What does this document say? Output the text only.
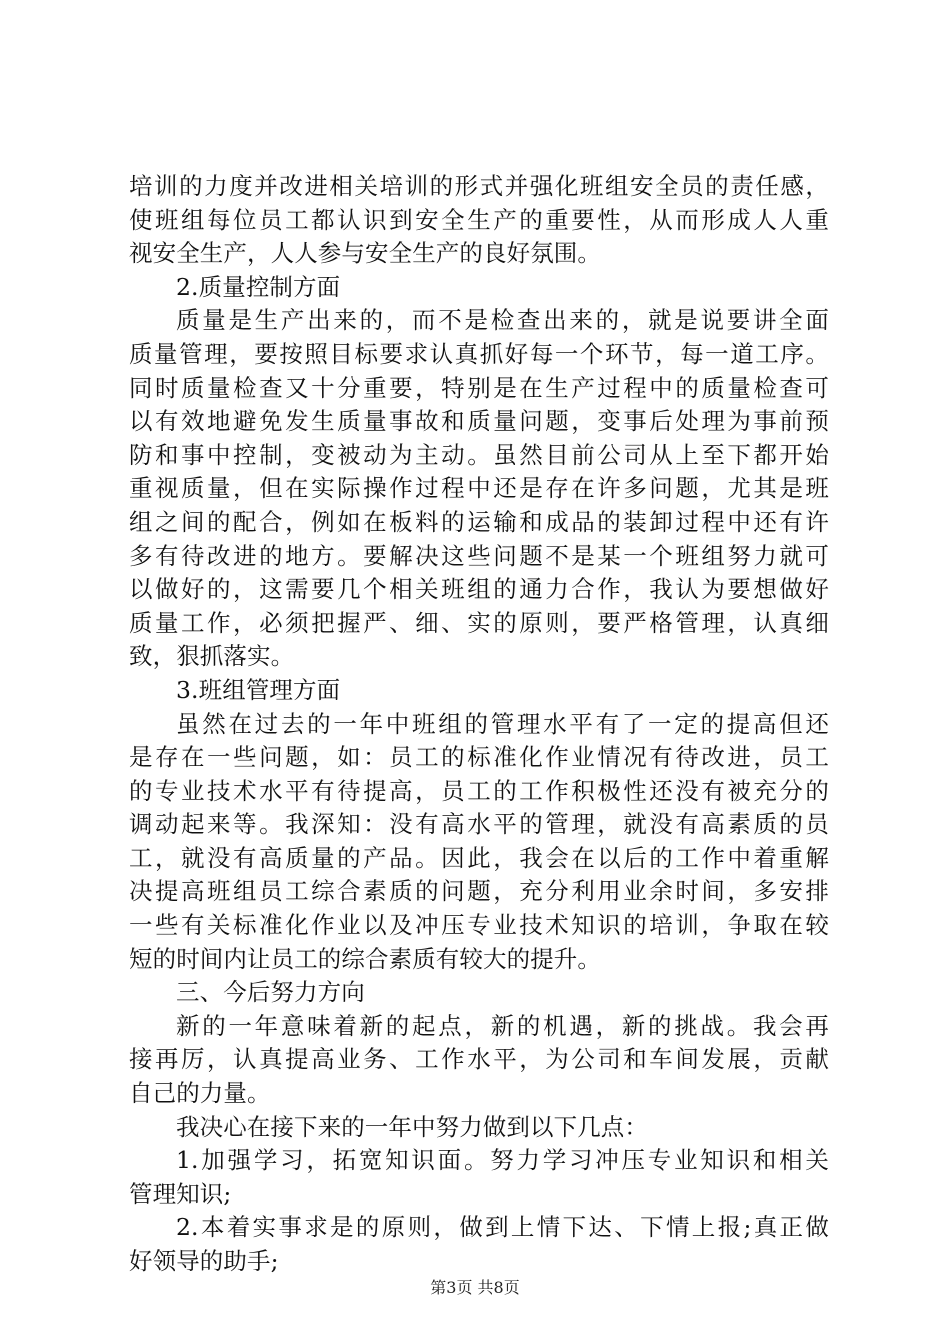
培训的力度并改进相关培训的形式并强化班组安全员的责任感，
使班组每位员工都认识到安全生产的重要性，从而形成人人重
视安全生产，人人参与安全生产的良好氛围。
2.质量控制方面
质量是生产出来的，而不是检查出来的，就是说要讲全面
质量管理，要按照目标要求认真抓好每一个环节，每一道工序。
同时质量检查又十分重要，特别是在生产过程中的质量检查可
以有效地避免发生质量事故和质量问题，变事后处理为事前预
防和事中控制，变被动为主动。虽然目前公司从上至下都开始
重视质量，但在实际操作过程中还是存在许多问题，尤其是班
组之间的配合，例如在板料的运输和成品的装卸过程中还有许
多有待改进的地方。要解决这些问题不是某一个班组努力就可
以做好的，这需要几个相关班组的通力合作，我认为要想做好
质量工作，必须把握严、细、实的原则，要严格管理，认真细
致，狠抓落实。
3.班组管理方面
虽然在过去的一年中班组的管理水平有了一定的提高但还
是存在一些问题，如：员工的标准化作业情况有待改进，员工
的专业技术水平有待提高，员工的工作积极性还没有被充分的
调动起来等。我深知：没有高水平的管理，就没有高素质的员
工，就没有高质量的产品。因此，我会在以后的工作中着重解
决提高班组员工综合素质的问题，充分利用业余时间，多安排
一些有关标准化作业以及冲压专业技术知识的培训，争取在较
短的时间内让员工的综合素质有较大的提升。
三、今后努力方向
新的一年意味着新的起点，新的机遇，新的挑战。我会再
接再厉，认真提高业务、工作水平，为公司和车间发展，贡献
自己的力量。
我决心在接下来的一年中努力做到以下几点：
1.加强学习，拓宽知识面。努力学习冲压专业知识和相关
管理知识;
2.本着实事求是的原则，做到上情下达、下情上报;真正做
好领导的助手;
第3页 共8页
